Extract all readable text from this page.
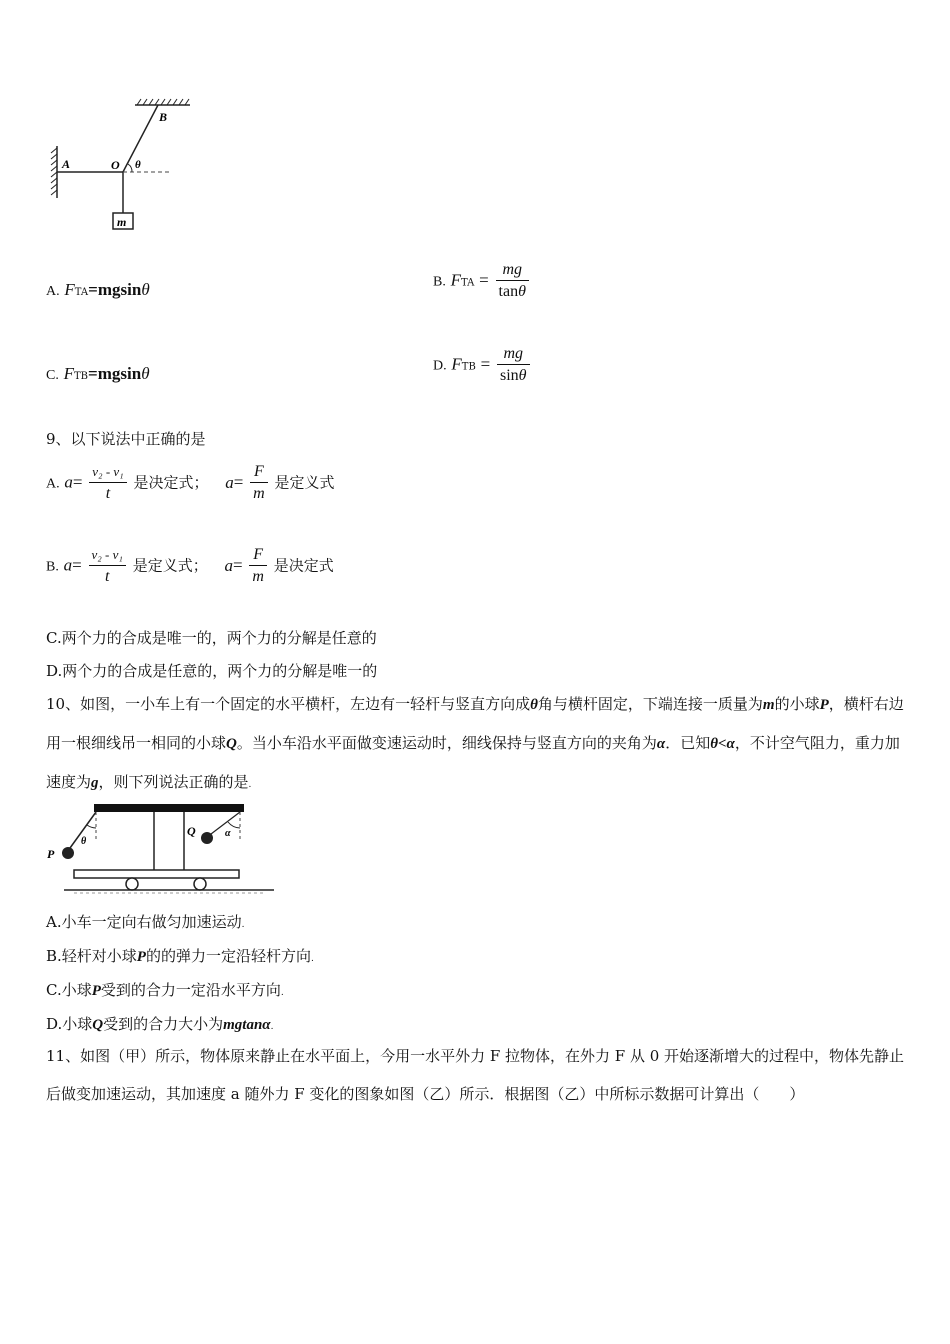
m
A
B
O θ
A. FTA=mgsinθ	B. FTA = $\frac{mg}{\tan\theta}$
C. FTB=mgsinθ	D. FTB = $\frac{mg}{\sin\theta}$
9、以下说法中正确的是
A. $a= \frac{\text{v₂ - v₁}}{t}$ 是决定式； $a= \frac{F}{m}$ 是定义式
B. $a= \frac{\text{v₂ - v₁}}{t}$ 是定义式； $a= \frac{F}{m}$ 是决定式
C.两个力的合成是唯一的，两个力的分解是任意的
D.两个力的合成是任意的，两个力的分解是唯一的
10、如图，一小车上有一个固定的水平横杆，左边有一轻杆与竖直方向成θ角与横杆固定，下端连接一质量为m的小球P，横杆右边用一根细线吊一相同的小球Q。当小车沿水平面做变速运动时，细线保持与竖直方向的夹角为α．已知θ<α，不计空气阻力，重力加速度为g，则下列说法正确的是.
P
Q
θ
α
A.小车一定向右做匀加速运动.
B.轻杆对小球P的的弹力一定沿轻杆方向.
C.小球P受到的合力一定沿水平方向.
D.小球Q受到的合力大小为mgtanα.
11、如图（甲）所示，物体原来静止在水平面上，今用一水平外力 F 拉物体，在外力 F 从 0 开始逐渐增大的过程中，物体先静止后做变加速运动，其加速度 a 随外力 F 变化的图象如图（乙）所示．根据图（乙）中所标示数据可计算出（　　）
